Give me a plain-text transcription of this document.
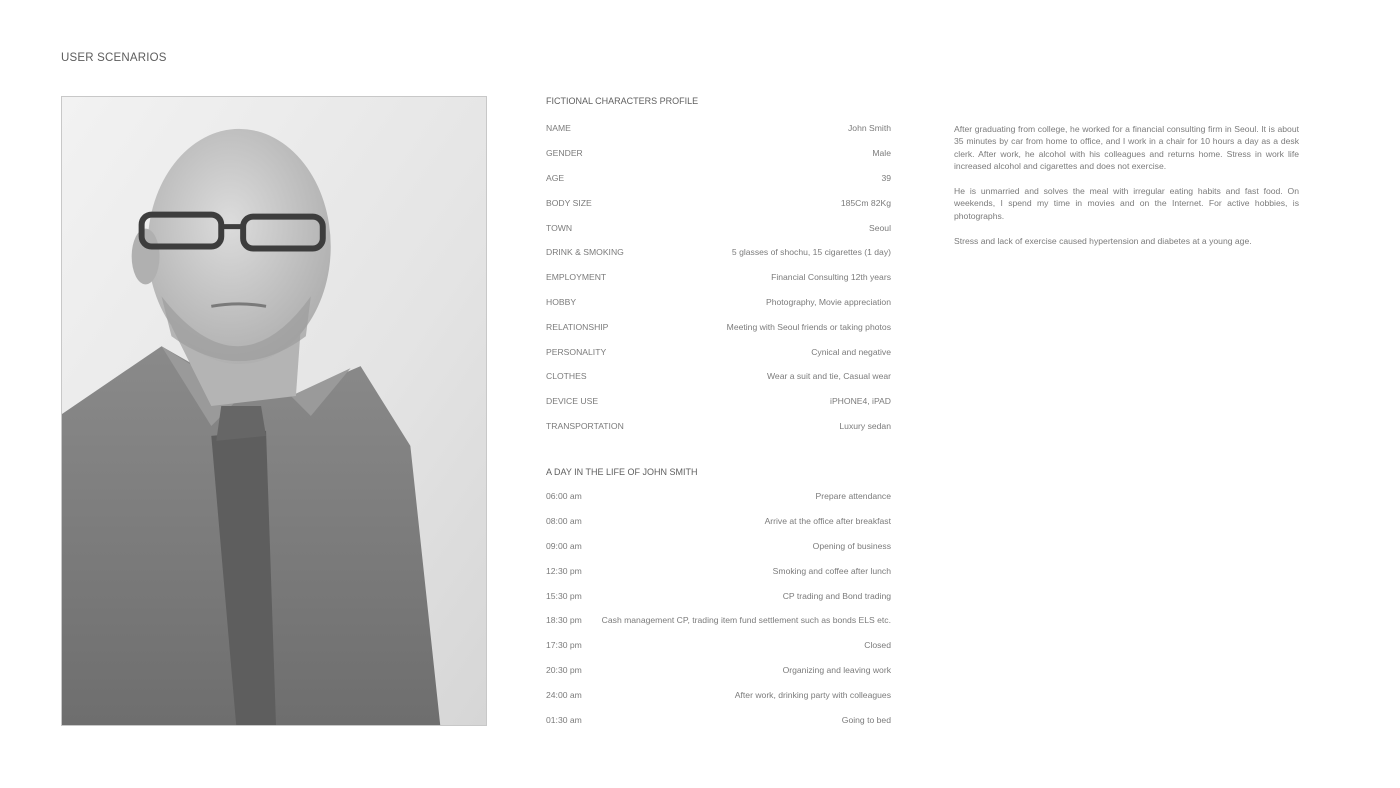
USER SCENARIOS
FICTIONAL CHARACTERS PROFILE
NAME	John Smith
GENDER	Male
AGE	39
BODY SIZE	185Cm 82Kg
TOWN	Seoul
DRINK & SMOKING	5 glasses of shochu, 15 cigarettes (1 day)
EMPLOYMENT	Financial Consulting 12th years
HOBBY	Photography, Movie appreciation
RELATIONSHIP	Meeting with Seoul friends or taking photos
PERSONALITY	Cynical and negative
CLOTHES	Wear a suit and tie, Casual wear
DEVICE USE	iPHONE4, iPAD
TRANSPORTATION	Luxury sedan
A DAY IN THE LIFE OF JOHN SMITH
06:00 am	Prepare attendance
08:00 am	Arrive at the office after breakfast
09:00 am	Opening of business
12:30 pm	Smoking and coffee after lunch
15:30 pm	CP trading and Bond trading
18:30 pm Cash management CP, trading item fund settlement such as bonds ELS etc.
17:30 pm	Closed
20:30 pm	Organizing and leaving work
24:00 am	After work, drinking party with colleagues
01:30 am	Going to bed

After graduating from college, he worked for a financial consulting firm in Seoul. It is about 35 minutes by car from home to office, and I work in a chair for 10 hours a day as a desk clerk. After work, he alcohol with his colleagues and returns home. Stress in work life increased alcohol and cigarettes and does not exercise.

He is unmarried and solves the meal with irregular eating habits and fast food. On weekends, I spend my time in movies and on the Internet. For active hobbies, is photographs.

Stress and lack of exercise caused hypertension and diabetes at a young age.
